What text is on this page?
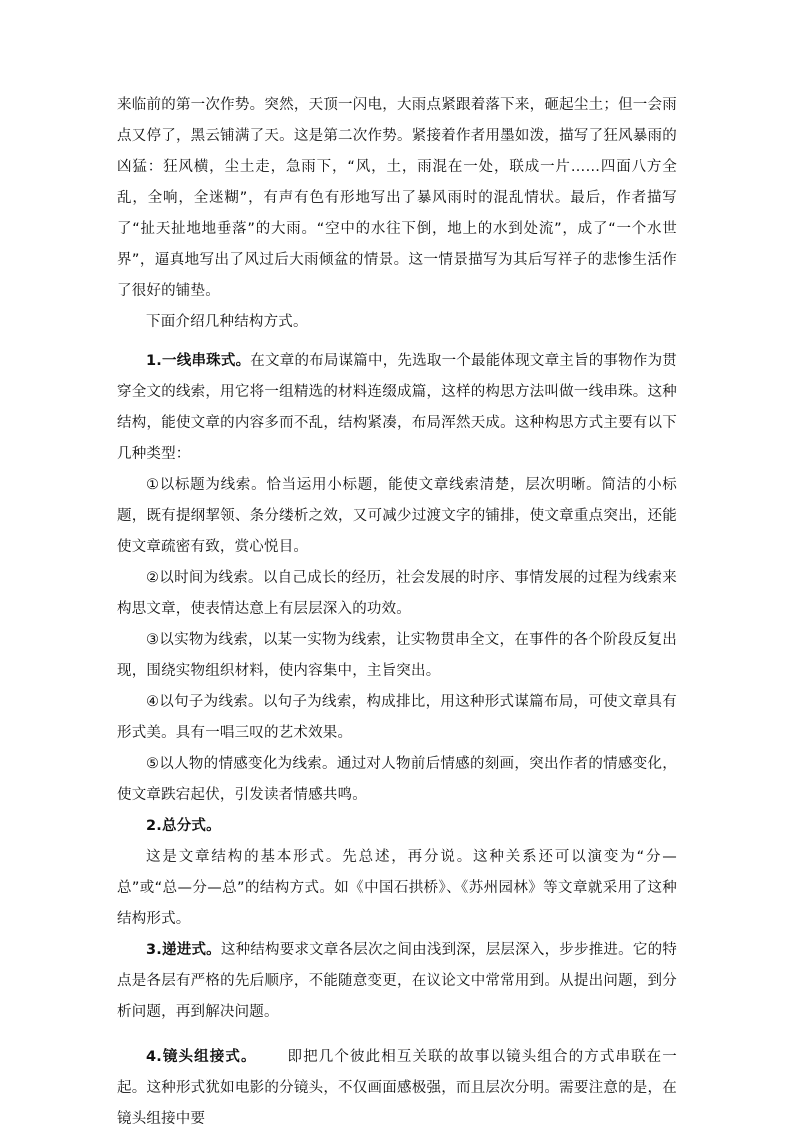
来临前的第一次作势。突然，天顶一闪电，大雨点紧跟着落下来，砸起尘土；但一会雨点又停了，黑云铺满了天。这是第二次作势。紧接着作者用墨如泼，描写了狂风暴雨的凶猛：狂风横，尘土走，急雨下，“风，土，雨混在一处，联成一片……四面八方全乱，全响，全迷糊”，有声有色有形地写出了暴风雨时的混乱情状。最后，作者描写了“扯天扯地地垂落”的大雨。“空中的水往下倒，地上的水到处流”，成了“一个水世界”，逼真地写出了风过后大雨倾盆的情景。这一情景描写为其后写祥子的悲惨生活作了很好的铺垫。

下面介绍几种结构方式。

1.一线串珠式。在文章的布局谋篇中，先选取一个最能体现文章主旨的事物作为贯穿全文的线索，用它将一组精选的材料连缀成篇，这样的构思方法叫做一线串珠。这种结构，能使文章的内容多而不乱，结构紧凑，布局浑然天成。这种构思方式主要有以下几种类型：

①以标题为线索。恰当运用小标题，能使文章线索清楚，层次明晰。简洁的小标题，既有提纲挈领、条分缕析之效，又可减少过渡文字的铺排，使文章重点突出，还能使文章疏密有致，赏心悦目。

②以时间为线索。以自己成长的经历，社会发展的时序、事情发展的过程为线索来构思文章，使表情达意上有层层深入的功效。

③以实物为线索，以某一实物为线索，让实物贯串全文，在事件的各个阶段反复出现，围绕实物组织材料，使内容集中，主旨突出。

④以句子为线索。以句子为线索，构成排比，用这种形式谋篇布局，可使文章具有形式美。具有一唱三叹的艺术效果。

⑤以人物的情感变化为线索。通过对人物前后情感的刻画，突出作者的情感变化，使文章跌宕起伏，引发读者情感共鸣。

2.总分式。

这是文章结构的基本形式。先总述，再分说。这种关系还可以演变为“分—总”或“总—分—总”的结构方式。如《中国石拱桥》、《苏州园林》等文章就采用了这种结构形式。

3.递进式。这种结构要求文章各层次之间由浅到深，层层深入，步步推进。它的特点是各层有严格的先后顺序，不能随意变更，在议论文中常常用到。从提出问题，到分析问题，再到解决问题。

4.镜头组接式。 即把几个彼此相互关联的故事以镜头组合的方式串联在一起。这种形式犹如电影的分镜头，不仅画面感极强，而且层次分明。需要注意的是，在镜头组接中要
